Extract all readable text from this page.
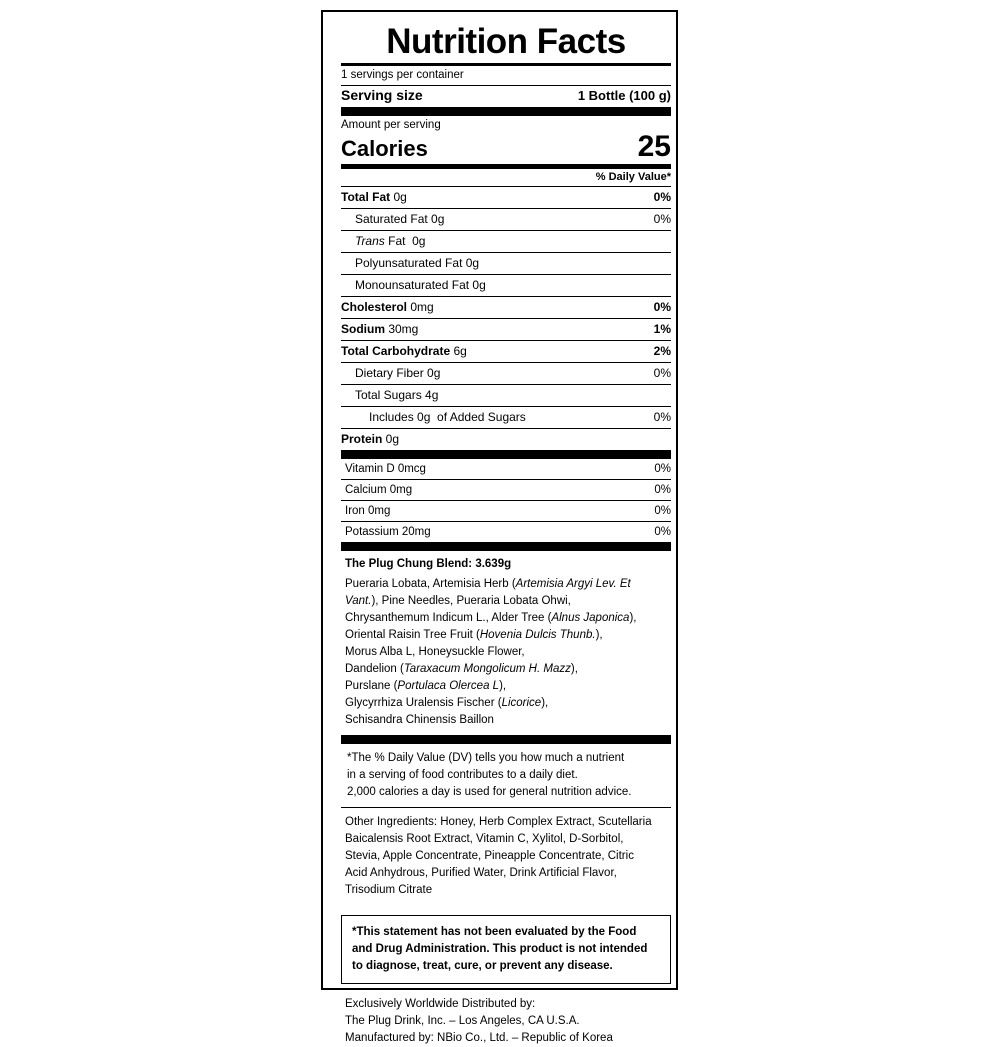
Nutrition Facts
1 servings per container
Serving size	1 Bottle (100 g)
Amount per serving
Calories	25
% Daily Value*
Total Fat 0g	0%
Saturated Fat 0g	0%
Trans Fat  0g
Polyunsaturated Fat 0g
Monounsaturated Fat 0g
Cholesterol 0mg	0%
Sodium 30mg	1%
Total Carbohydrate 6g	2%
Dietary Fiber 0g	0%
Total Sugars 4g
Includes 0g  of Added Sugars	0%
Protein 0g
Vitamin D 0mcg	0%
Calcium 0mg	0%
Iron 0mg	0%
Potassium 20mg	0%
The Plug Chung Blend: 3.639g
Pueraria Lobata, Artemisia Herb (Artemisia Argyi Lev. Et
Vant.), Pine Needles, Pueraria Lobata Ohwi,
Chrysanthemum Indicum L., Alder Tree (Alnus Japonica),
Oriental Raisin Tree Fruit (Hovenia Dulcis Thunb.),
Morus Alba L, Honeysuckle Flower,
Dandelion (Taraxacum Mongolicum H. Mazz),
Purslane (Portulaca Olercea L),
Glycyrrhiza Uralensis Fischer (Licorice),
Schisandra Chinensis Baillon
*The % Daily Value (DV) tells you how much a nutrient
in a serving of food contributes to a daily diet.
2,000 calories a day is used for general nutrition advice.
Other Ingredients: Honey, Herb Complex Extract, Scutellaria
Baicalensis Root Extract, Vitamin C, Xylitol, D-Sorbitol,
Stevia, Apple Concentrate, Pineapple Concentrate, Citric
Acid Anhydrous, Purified Water, Drink Artificial Flavor,
Trisodium Citrate
*This statement has not been evaluated by the Food
and Drug Administration. This product is not intended
to diagnose, treat, cure, or prevent any disease.
Exclusively Worldwide Distributed by:
The Plug Drink, Inc. – Los Angeles, CA U.S.A.
Manufactured by: NBio Co., Ltd. – Republic of Korea
